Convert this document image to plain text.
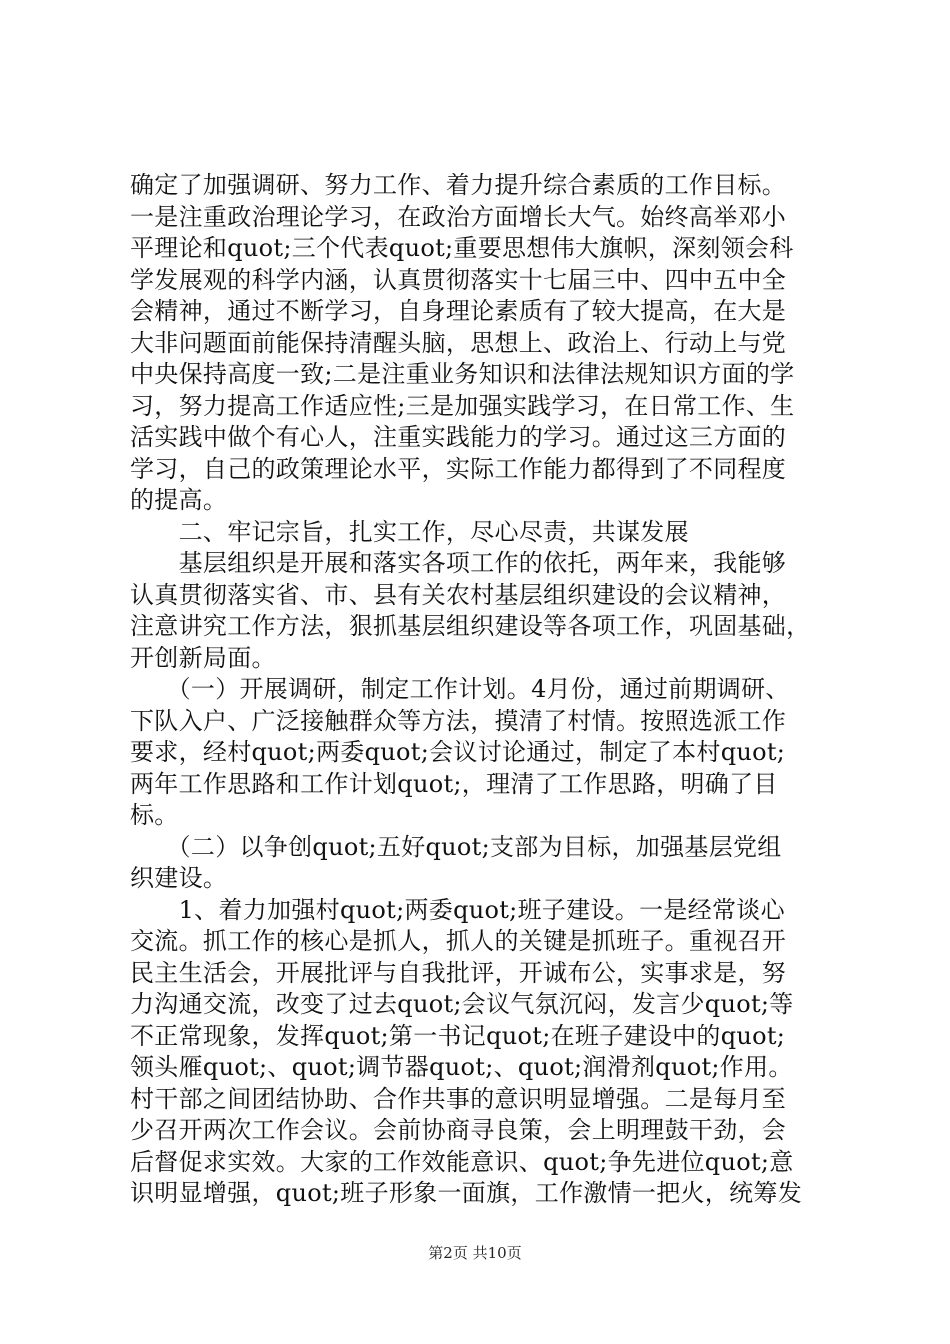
确定了加强调研、努力工作、着力提升综合素质的工作目标。
一是注重政治理论学习，在政治方面增长大气。始终高举邓小
平理论和quot;三个代表quot;重要思想伟大旗帜，深刻领会科
学发展观的科学内涵，认真贯彻落实十七届三中、四中五中全
会精神，通过不断学习，自身理论素质有了较大提高，在大是
大非问题面前能保持清醒头脑，思想上、政治上、行动上与党
中央保持高度一致;二是注重业务知识和法律法规知识方面的学
习，努力提高工作适应性;三是加强实践学习，在日常工作、生
活实践中做个有心人，注重实践能力的学习。通过这三方面的
学习，自己的政策理论水平，实际工作能力都得到了不同程度
的提高。
　　二、牢记宗旨，扎实工作，尽心尽责，共谋发展
　　基层组织是开展和落实各项工作的依托，两年来，我能够
认真贯彻落实省、市、县有关农村基层组织建设的会议精神，
注意讲究工作方法，狠抓基层组织建设等各项工作，巩固基础，
开创新局面。
　　（一）开展调研，制定工作计划。4月份，通过前期调研、
下队入户、广泛接触群众等方法，摸清了村情。按照选派工作
要求，经村quot;两委quot;会议讨论通过，制定了本村quot;
两年工作思路和工作计划quot;，理清了工作思路，明确了目
标。
　　（二）以争创quot;五好quot;支部为目标，加强基层党组
织建设。
　　1、着力加强村quot;两委quot;班子建设。一是经常谈心
交流。抓工作的核心是抓人，抓人的关键是抓班子。重视召开
民主生活会，开展批评与自我批评，开诚布公，实事求是，努
力沟通交流，改变了过去quot;会议气氛沉闷，发言少quot;等
不正常现象，发挥quot;第一书记quot;在班子建设中的quot;
领头雁quot;、quot;调节器quot;、quot;润滑剂quot;作用。
村干部之间团结协助、合作共事的意识明显增强。二是每月至
少召开两次工作会议。会前协商寻良策，会上明理鼓干劲，会
后督促求实效。大家的工作效能意识、quot;争先进位quot;意
识明显增强，quot;班子形象一面旗，工作激情一把火，统筹发
第2页 共10页
